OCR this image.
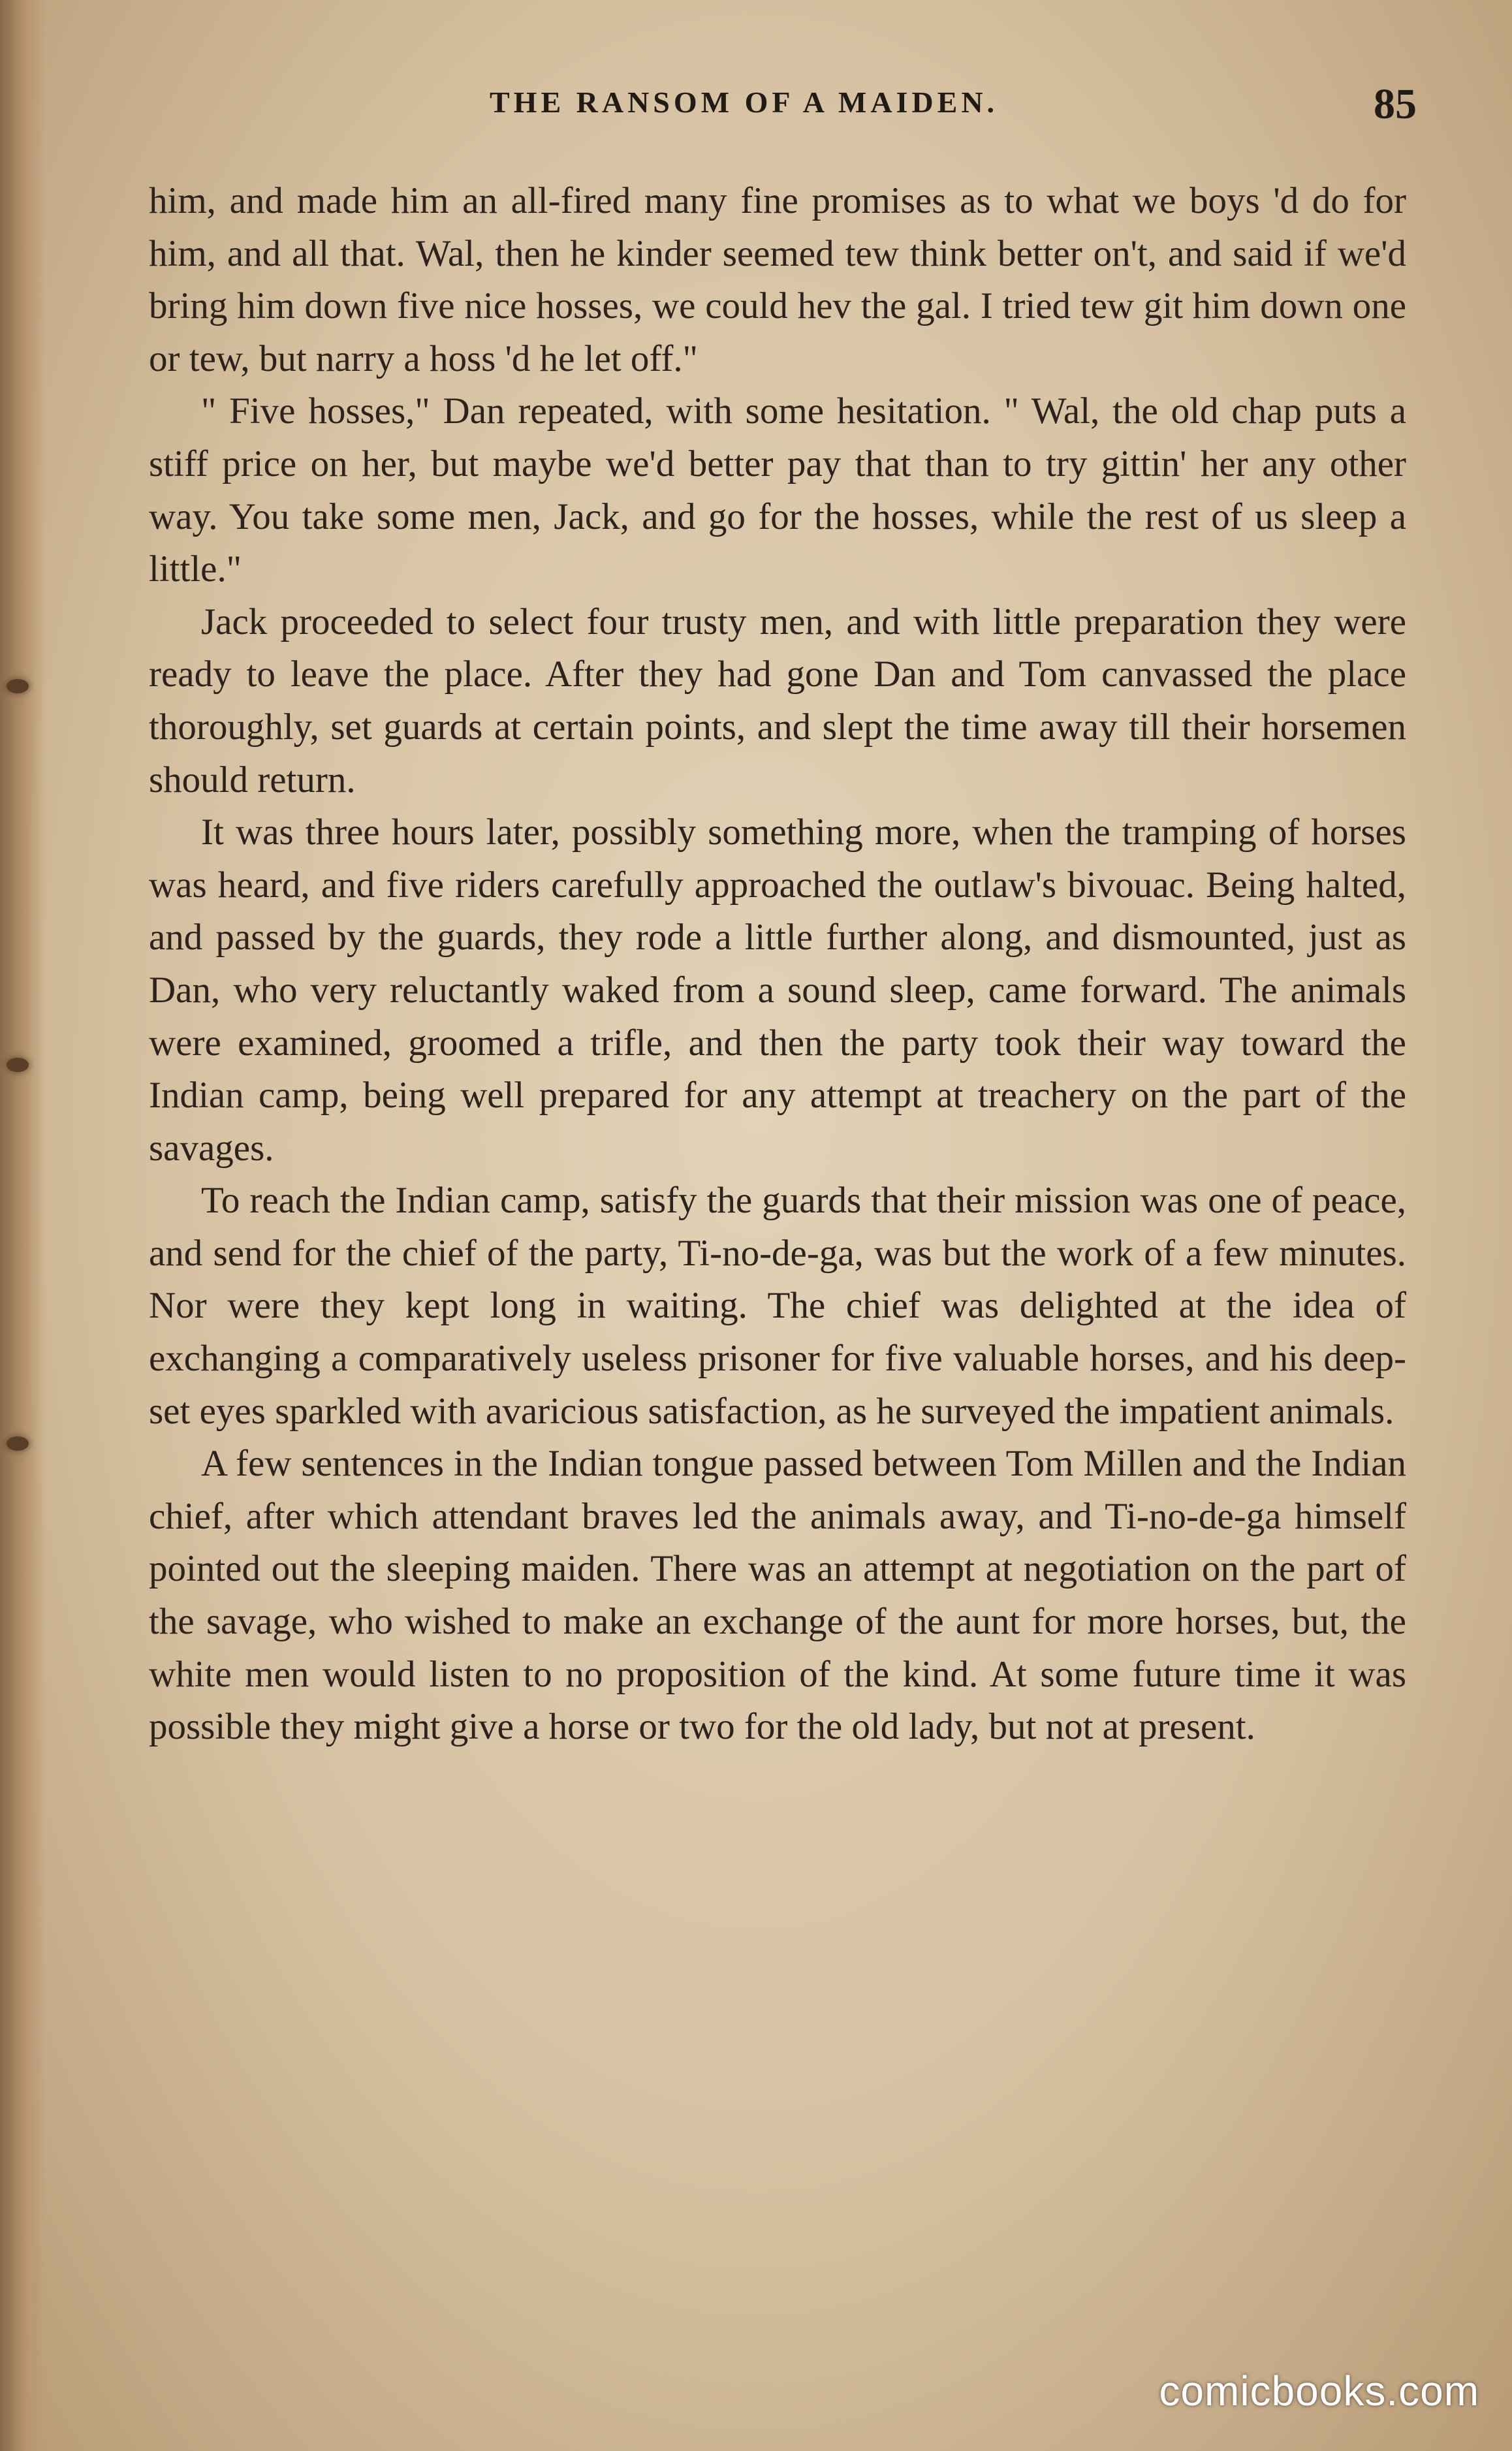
THE RANSOM OF A MAIDEN.	85

him, and made him an all-fired many fine promises as to what we boys 'd do for him, and all that. Wal, then he kinder seemed tew think better on't, and said if we'd bring him down five nice hosses, we could hev the gal. I tried tew git him down one or tew, but narry a hoss 'd he let off."

" Five hosses," Dan repeated, with some hesitation. " Wal, the old chap puts a stiff price on her, but maybe we'd better pay that than to try gittin' her any other way. You take some men, Jack, and go for the hosses, while the rest of us sleep a little."

Jack proceeded to select four trusty men, and with little preparation they were ready to leave the place. After they had gone Dan and Tom canvassed the place thoroughly, set guards at certain points, and slept the time away till their horsemen should return.

It was three hours later, possibly something more, when the tramping of horses was heard, and five riders carefully approached the outlaw's bivouac. Being halted, and passed by the guards, they rode a little further along, and dismounted, just as Dan, who very reluctantly waked from a sound sleep, came forward. The animals were examined, groomed a trifle, and then the party took their way toward the Indian camp, being well prepared for any attempt at treachery on the part of the savages.

To reach the Indian camp, satisfy the guards that their mission was one of peace, and send for the chief of the party, Ti-no-de-ga, was but the work of a few minutes. Nor were they kept long in waiting. The chief was delighted at the idea of exchanging a comparatively useless prisoner for five valuable horses, and his deep-set eyes sparkled with avaricious satisfaction, as he surveyed the impatient animals.

A few sentences in the Indian tongue passed between Tom Millen and the Indian chief, after which attendant braves led the animals away, and Ti-no-de-ga himself pointed out the sleeping maiden. There was an attempt at negotiation on the part of the savage, who wished to make an exchange of the aunt for more horses, but, the white men would listen to no proposition of the kind. At some future time it was possible they might give a horse or two for the old lady, but not at present.

comicbooks.com
